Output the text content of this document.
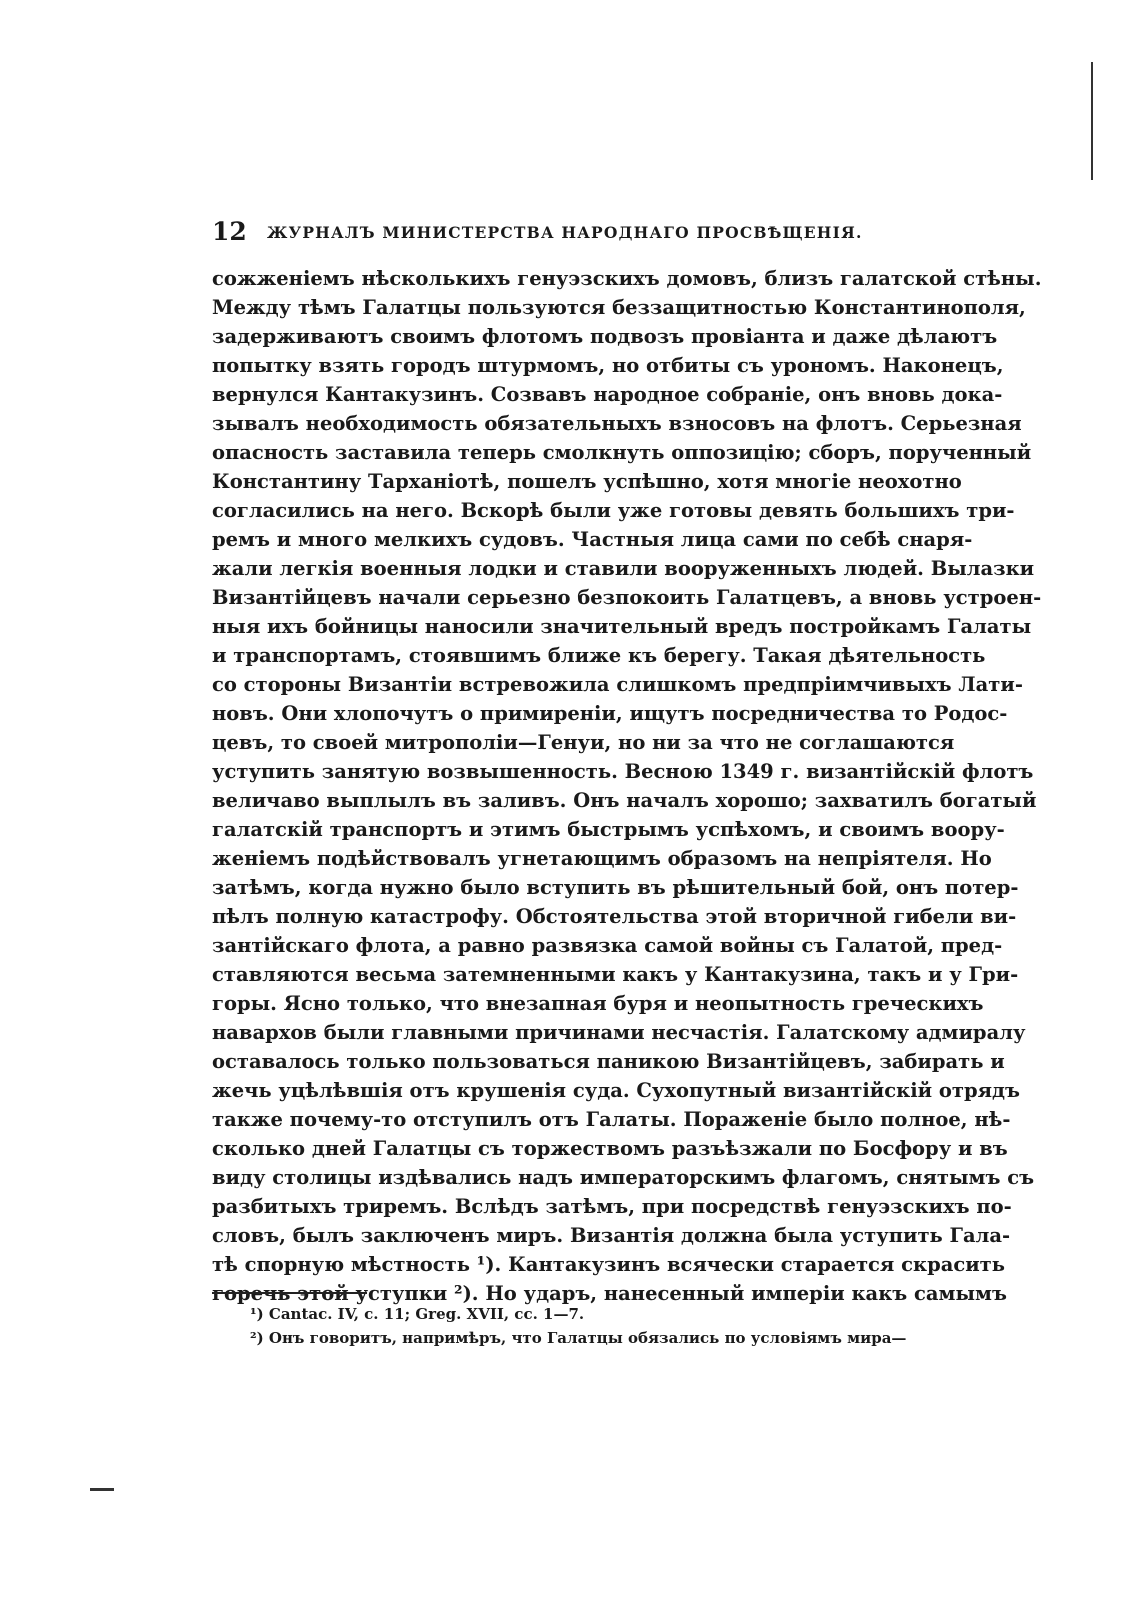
12 ЖУРНАЛЪ МИНИСТЕРСТВА НАРОДНАГО ПРОСВѢЩЕНІЯ.
сожженіемъ нѣсколькихъ генуэзскихъ домовъ, близъ галатской стѣны.
Между тѣмъ Галатцы пользуются беззащитностью Константинополя,
задерживаютъ своимъ флотомъ подвозъ провіанта и даже дѣлаютъ
попытку взять городъ штурмомъ, но отбиты съ урономъ. Наконецъ,
вернулся Кантакузинъ. Созвавъ народное собраніе, онъ вновь дока-
зывалъ необходимость обязательныхъ взносовъ на флотъ. Серьезная
опасность заставила теперь смолкнуть оппозицію; сборъ, порученный
Константину Тарханіотѣ, пошелъ успѣшно, хотя многіе неохотно
согласились на него. Вскорѣ были уже готовы девять большихъ три-
ремъ и много мелкихъ судовъ. Частныя лица сами по себѣ снаря-
жали легкія военныя лодки и ставили вооруженныхъ людей. Вылазки
Византійцевъ начали серьезно безпокоить Галатцевъ, а вновь устроен-
ныя ихъ бойницы наносили значительный вредъ постройкамъ Галаты
и транспортамъ, стоявшимъ ближе къ берегу. Такая дѣятельность
со стороны Византіи встревожила слишкомъ предпріимчивыхъ Лати-
новъ. Они хлопочутъ о примиреніи, ищутъ посредничества то Родос-
цевъ, то своей митрополіи—Генуи, но ни за что не соглашаются
уступить занятую возвышенность. Весною 1349 г. византійскій флотъ
величаво выплылъ въ заливъ. Онъ началъ хорошо; захватилъ богатый
галатскій транспортъ и этимъ быстрымъ успѣхомъ, и своимъ воору-
женіемъ подѣйствовалъ угнетающимъ образомъ на непріятеля. Но
затѣмъ, когда нужно было вступить въ рѣшительный бой, онъ потер-
пѣлъ полную катастрофу. Обстоятельства этой вторичной гибели ви-
зантійскаго флота, а равно развязка самой войны съ Галатой, пред-
ставляются весьма затемненными какъ у Кантакузина, такъ и у Гри-
горы. Ясно только, что внезапная буря и неопытность греческихъ
навархов были главными причинами несчастія. Галатскому адмиралу
оставалось только пользоваться паникою Византійцевъ, забирать и
жечь уцѣлѣвшія отъ крушенія суда. Сухопутный византійскій отрядъ
также почему-то отступилъ отъ Галаты. Пораженіе было полное, нѣ-
сколько дней Галатцы съ торжествомъ разъѣзжали по Босфору и въ
виду столицы издѣвались надъ императорскимъ флагомъ, снятымъ съ
разбитыхъ триремъ. Вслѣдъ затѣмъ, при посредствѣ генуэзскихъ по-
словъ, былъ заключенъ миръ. Византія должна была уступить Гала-
тѣ спорную мѣстность ¹). Кантакузинъ всячески старается скрасить
горечь этой уступки ²). Но ударъ, нанесенный имперіи какъ самымъ
¹) Cantac. IV, c. 11; Greg. XVII, cc. 1—7.
²) Онъ говоритъ, напримѣръ, что Галатцы обязались по условіямъ мира—
